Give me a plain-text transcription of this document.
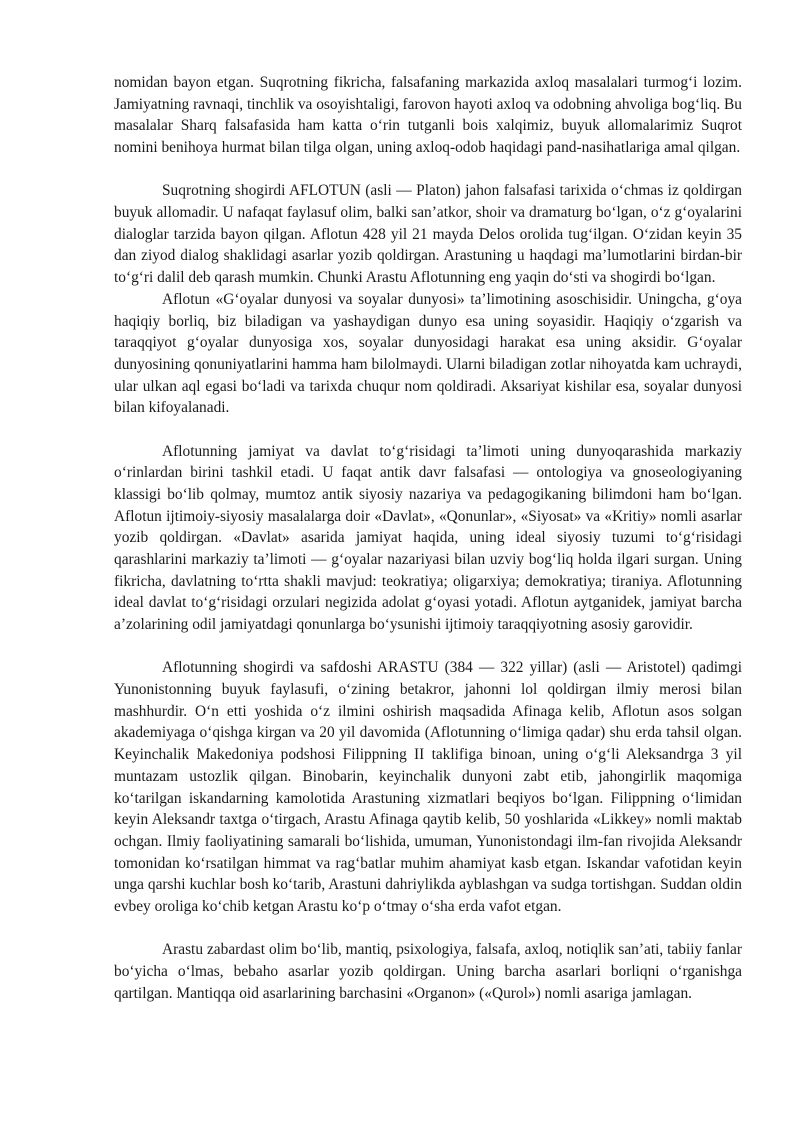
nomidan bayon etgan. Suqrotning fikricha, falsafaning markazida axloq masalalari turmog‘i lozim. Jamiyatning ravnaqi, tinchlik va osoyishtaligi, farovon hayoti axloq va odobning ahvoliga bog‘liq. Bu masalalar Sharq falsafasida ham katta o‘rin tutganli bois xalqimiz, buyuk allomalarimiz Suqrot nomini benihoya hurmat bilan tilga olgan, uning axloq-odob haqidagi pand-nasihatlariga amal qilgan.

Suqrotning shogirdi AFLOTUN (asli — Platon) jahon falsafasi tarixida o‘chmas iz qoldirgan buyuk allomadir. U nafaqat faylasuf olim, balki san’atkor, shoir va dramaturg bo‘lgan, o‘z g‘oyalarini dialoglar tarzida bayon qilgan. Aflotun 428 yil 21 mayda Delos orolida tug‘ilgan. O‘zidan keyin 35 dan ziyod dialog shaklidagi asarlar yozib qoldirgan. Arastuning u haqdagi ma’lumotlarini birdan-bir to‘g‘ri dalil deb qarash mumkin. Chunki Arastu Aflotunning eng yaqin do‘sti va shogirdi bo‘lgan.

Aflotun «G‘oyalar dunyosi va soyalar dunyosi» ta’limotining asoschisidir. Uningcha, g‘oya haqiqiy borliq, biz biladigan va yashaydigan dunyo esa uning soyasidir. Haqiqiy o‘zgarish va taraqqiyot g‘oyalar dunyosiga xos, soyalar dunyosidagi harakat esa uning aksidir. G‘oyalar dunyosining qonuniyatlarini hamma ham bilolmaydi. Ularni biladigan zotlar nihoyatda kam uchraydi, ular ulkan aql egasi bo‘ladi va tarixda chuqur nom qoldiradi. Aksariyat kishilar esa, soyalar dunyosi bilan kifoyalanadi.

Aflotunning jamiyat va davlat to‘g‘risidagi ta’limoti uning dunyoqarashida markaziy o‘rinlardan birini tashkil etadi. U faqat antik davr falsafasi — ontologiya va gnoseologiyaning klassigi bo‘lib qolmay, mumtoz antik siyosiy nazariya va pedagogikaning bilimdoni ham bo‘lgan. Aflotun ijtimoiy-siyosiy masalalarga doir «Davlat», «Qonunlar», «Siyosat» va «Kritiy» nomli asarlar yozib qoldirgan. «Davlat» asarida jamiyat haqida, uning ideal siyosiy tuzumi to‘g‘risidagi qarashlarini markaziy ta’limoti — g‘oyalar nazariyasi bilan uzviy bog‘liq holda ilgari surgan. Uning fikricha, davlatning to‘rtta shakli mavjud: teokratiya; oligarxiya; demokratiya; tiraniya. Aflotunning ideal davlat to‘g‘risidagi orzulari negizida adolat g‘oyasi yotadi. Aflotun aytganidek, jamiyat barcha a’zolarining odil jamiyatdagi qonunlarga bo‘ysunishi ijtimoiy taraqqiyotning asosiy garovidir.

Aflotunning shogirdi va safdoshi ARASTU (384 — 322 yillar) (asli — Aristotel) qadimgi Yunonistonning buyuk faylasufi, o‘zining betakror, jahonni lol qoldirgan ilmiy merosi bilan mashhurdir. O‘n etti yoshida o‘z ilmini oshirish maqsadida Afinaga kelib, Aflotun asos solgan akademiyaga o‘qishga kirgan va 20 yil davomida (Aflotunning o‘limiga qadar) shu erda tahsil olgan. Keyinchalik Makedoniya podshosi Filippning II taklifiga binoan, uning o‘g‘li Aleksandrga 3 yil muntazam ustozlik qilgan. Binobarin, keyinchalik dunyoni zabt etib, jahongirlik maqomiga ko‘tarilgan iskandarning kamolotida Arastuning xizmatlari beqiyos bo‘lgan. Filippning o‘limidan keyin Aleksandr taxtga o‘tirgach, Arastu Afinaga qaytib kelib, 50 yoshlarida «Likkey» nomli maktab ochgan. Ilmiy faoliyatining samarali bo‘lishida, umuman, Yunonistondagi ilm-fan rivojida Aleksandr tomonidan ko‘rsatilgan himmat va rag‘batlar muhim ahamiyat kasb etgan. Iskandar vafotidan keyin unga qarshi kuchlar bosh ko‘tarib, Arastuni dahriylikda ayblashgan va sudga tortishgan. Suddan oldin evbey oroliga ko‘chib ketgan Arastu ko‘p o‘tmay o‘sha erda vafot etgan.

Arastu zabardast olim bo‘lib, mantiq, psixologiya, falsafa, axloq, notiqlik san’ati, tabiiy fanlar bo‘yicha o‘lmas, bebaho asarlar yozib qoldirgan. Uning barcha asarlari borliqni o‘rganishga qartilgan. Mantiqqa oid asarlarining barchasini «Organon» («Qurol») nomli asariga jamlagan.
